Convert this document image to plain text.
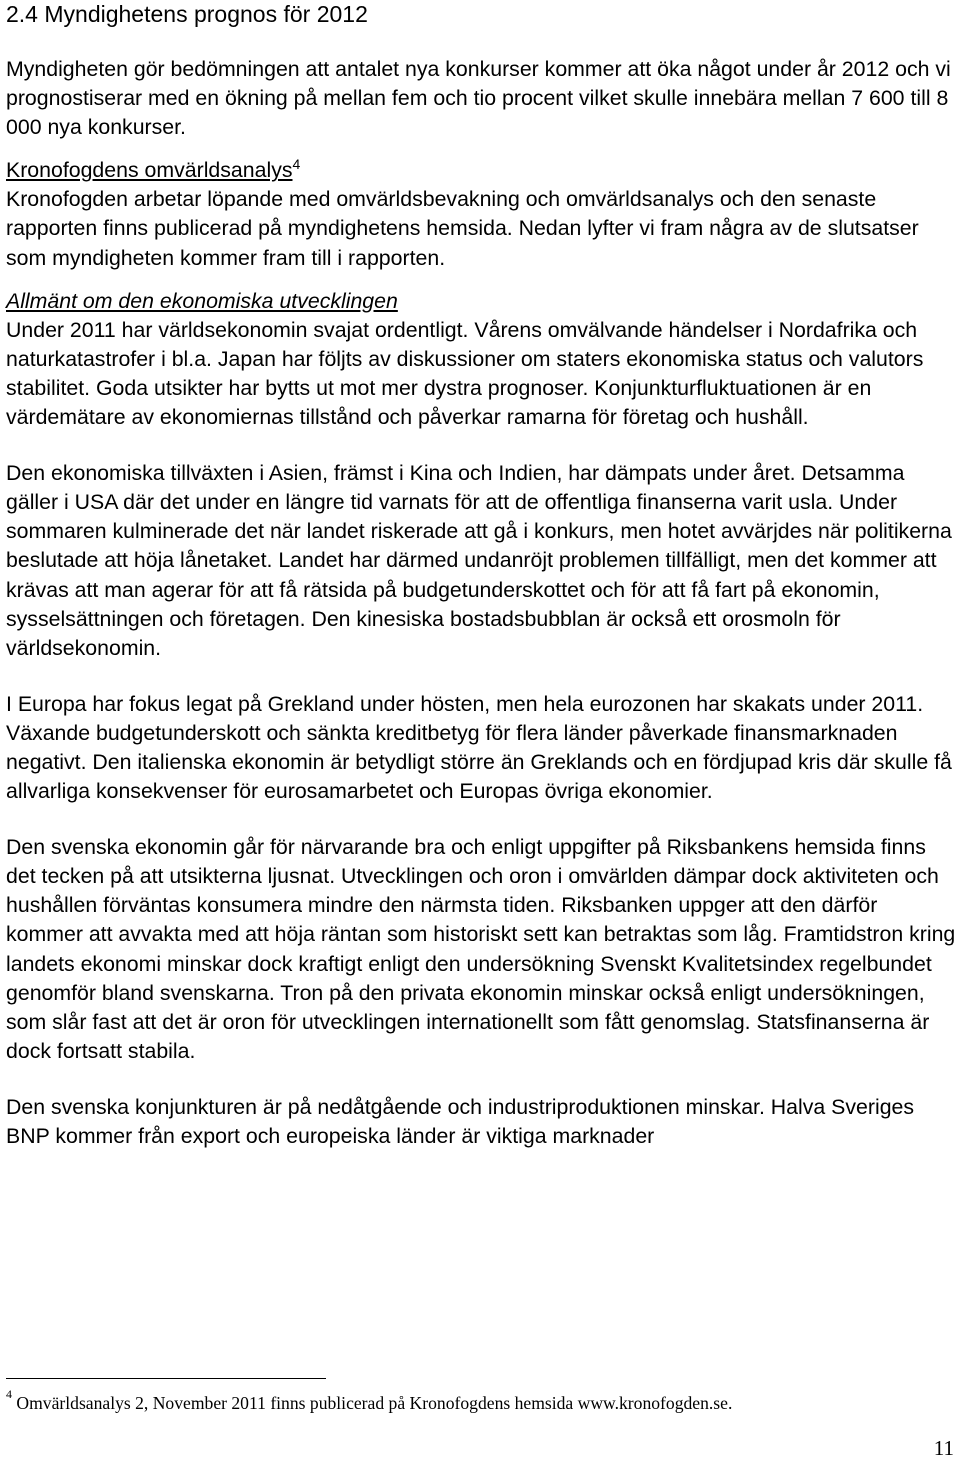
2.4 Myndighetens prognos för 2012

Myndigheten gör bedömningen att antalet nya konkurser kommer att öka något under år 2012 och vi prognostiserar med en ökning på mellan fem och tio procent vilket skulle innebära mellan 7 600 till 8 000 nya konkurser.

Kronofogdens omvärldsanalys$^4$

Kronofogden arbetar löpande med omvärldsbevakning och omvärldsanalys och den senaste rapporten finns publicerad på myndighetens hemsida. Nedan lyfter vi fram några av de slutsatser som myndigheten kommer fram till i rapporten.

Allmänt om den ekonomiska utvecklingen

Under 2011 har världsekonomin svajat ordentligt. Vårens omvälvande händelser i Nordafrika och naturkatastrofer i bl.a. Japan har följts av diskussioner om staters ekonomiska status och valutors stabilitet. Goda utsikter har bytts ut mot mer dystra prognoser. Konjunkturfluktuationen är en värdemätare av ekonomiernas tillstånd och påverkar ramarna för företag och hushåll.

Den ekonomiska tillväxten i Asien, främst i Kina och Indien, har dämpats under året. Detsamma gäller i USA där det under en längre tid varnats för att de offentliga finanserna varit usla. Under sommaren kulminerade det när landet riskerade att gå i konkurs, men hotet avvärjdes när politikerna beslutade att höja lånetaket. Landet har därmed undanröjt problemen tillfälligt, men det kommer att krävas att man agerar för att få rätsida på budgetunderskottet och för att få fart på ekonomin, sysselsättningen och företagen. Den kinesiska bostadsbubblan är också ett orosmoln för världsekonomin.

I Europa har fokus legat på Grekland under hösten, men hela eurozonen har skakats under 2011. Växande budgetunderskott och sänkta kreditbetyg för flera länder påverkade finansmarknaden negativt. Den italienska ekonomin är betydligt större än Greklands och en fördjupad kris där skulle få allvarliga konsekvenser för eurosamarbetet och Europas övriga ekonomier.

Den svenska ekonomin går för närvarande bra och enligt uppgifter på Riksbankens hemsida finns det tecken på att utsikterna ljusnat. Utvecklingen och oron i omvärlden dämpar dock aktiviteten och hushållen förväntas konsumera mindre den närmsta tiden. Riksbanken uppger att den därför kommer att avvakta med att höja räntan som historiskt sett kan betraktas som låg. Framtidstron kring landets ekonomi minskar dock kraftigt enligt den undersökning Svenskt Kvalitetsindex regelbundet genomför bland svenskarna. Tron på den privata ekonomin minskar också enligt undersökningen, som slår fast att det är oron för utvecklingen internationellt som fått genomslag. Statsfinanserna är dock fortsatt stabila.

Den svenska konjunkturen är på nedåtgående och industriproduktionen minskar. Halva Sveriges BNP kommer från export och europeiska länder är viktiga marknader

$^4$ Omvärldsanalys 2, November 2011 finns publicerad på Kronofogdens hemsida www.kronofogden.se.
11
